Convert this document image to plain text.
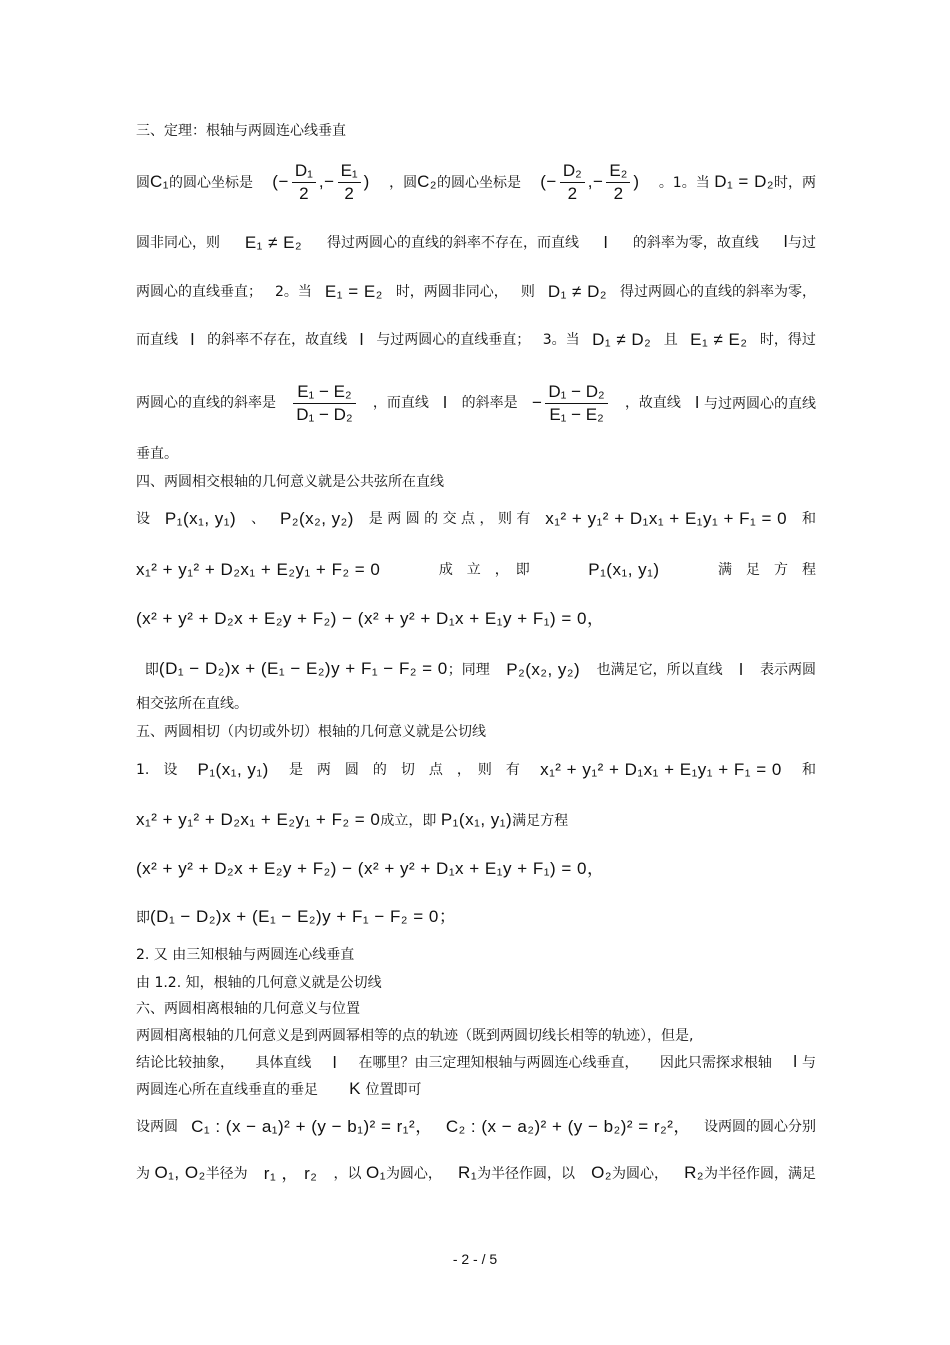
三、定理：根轴与两圆连心线垂直
圆C₁的圆心坐标是 (− $\frac{\text{D₁}}{2}$ ,− $\frac{\text{E₁}}{2}$ ) ，圆C₂的圆心坐标是 (− $\frac{\text{D₂}}{2}$ ,− $\frac{\text{E₂}}{2}$ ) 。1。当 D₁ = D₂时，两
圆非同心，则 E₁ ≠ E₂ 得过两圆心的直线的斜率不存在，而直线 l 的斜率为零，故直线 l与过
两圆心的直线垂直； 2。当 E₁ = E₂ 时，两圆非同心， 则 D₁ ≠ D₂ 得过两圆心的直线的斜率为零，
而直线 l 的斜率不存在，故直线 l 与过两圆心的直线垂直； 3。当 D₁ ≠ D₂ 且 E₁ ≠ E₂ 时，得过
两圆心的直线的斜率是 $\frac{\text{E₁ − E₂}}{\text{D₁ − D₂}}$ ，而直线 l 的斜率是 − $\frac{\text{D₁ − D₂}}{\text{E₁ − E₂}}$ ，故直线 l 与过两圆心的直线
垂直。
四、两圆相交根轴的几何意义就是公共弦所在直线
设 P₁(x₁, y₁) 、 P₂(x₂, y₂) 是 两 圆 的 交 点 ， 则 有 x₁² + y₁² + D₁x₁ + E₁y₁ + F₁ = 0 和
x₁² + y₁² + D₂x₁ + E₂y₁ + F₂ = 0	成　立　，　即	P₁(x₁, y₁)	满　足　方　程
(x² + y² + D₂x + E₂y + F₂) − (x² + y² + D₁x + E₁y + F₁) = 0，
即(D₁ − D₂)x + (E₁ − E₂)y + F₁ − F₂ = 0；同理 P₂(x₂, y₂) 也满足它，所以直线 l 表示两圆
相交弦所在直线。
五、两圆相切（内切或外切）根轴的几何意义就是公切线
1.　设 P₁(x₁, y₁) 是　两　圆　的　切　点　，　则　有 x₁² + y₁² + D₁x₁ + E₁y₁ + F₁ = 0 和
x₁² + y₁² + D₂x₁ + E₂y₁ + F₂ = 0成立，即 P₁(x₁, y₁)满足方程
(x² + y² + D₂x + E₂y + F₂) − (x² + y² + D₁x + E₁y + F₁) = 0，
即(D₁ − D₂)x + (E₁ − E₂)y + F₁ − F₂ = 0；
2. 又 由三知根轴与两圆连心线垂直
由 1.2. 知，根轴的几何意义就是公切线
六、两圆相离根轴的几何意义与位置
两圆相离根轴的几何意义是到两圆幂相等的点的轨迹（既到两圆切线长相等的轨迹），但是,
结论比较抽象， 具体直线 l 在哪里？由三定理知根轴与两圆连心线垂直， 因此只需探求根轴 l 与
两圆连心所在直线垂直的垂足 K 位置即可
设两圆 C₁ : (x − a₁)² + (y − b₁)² = r₁²， C₂ : (x − a₂)² + (y − b₂)² = r₂²， 设两圆的圆心分别
为 O₁, O₂半径为 r₁ ， r₂ ，以 O₁为圆心， R₁为半径作圆，以 O₂为圆心， R₂为半径作圆，满足
- 2 - / 5
